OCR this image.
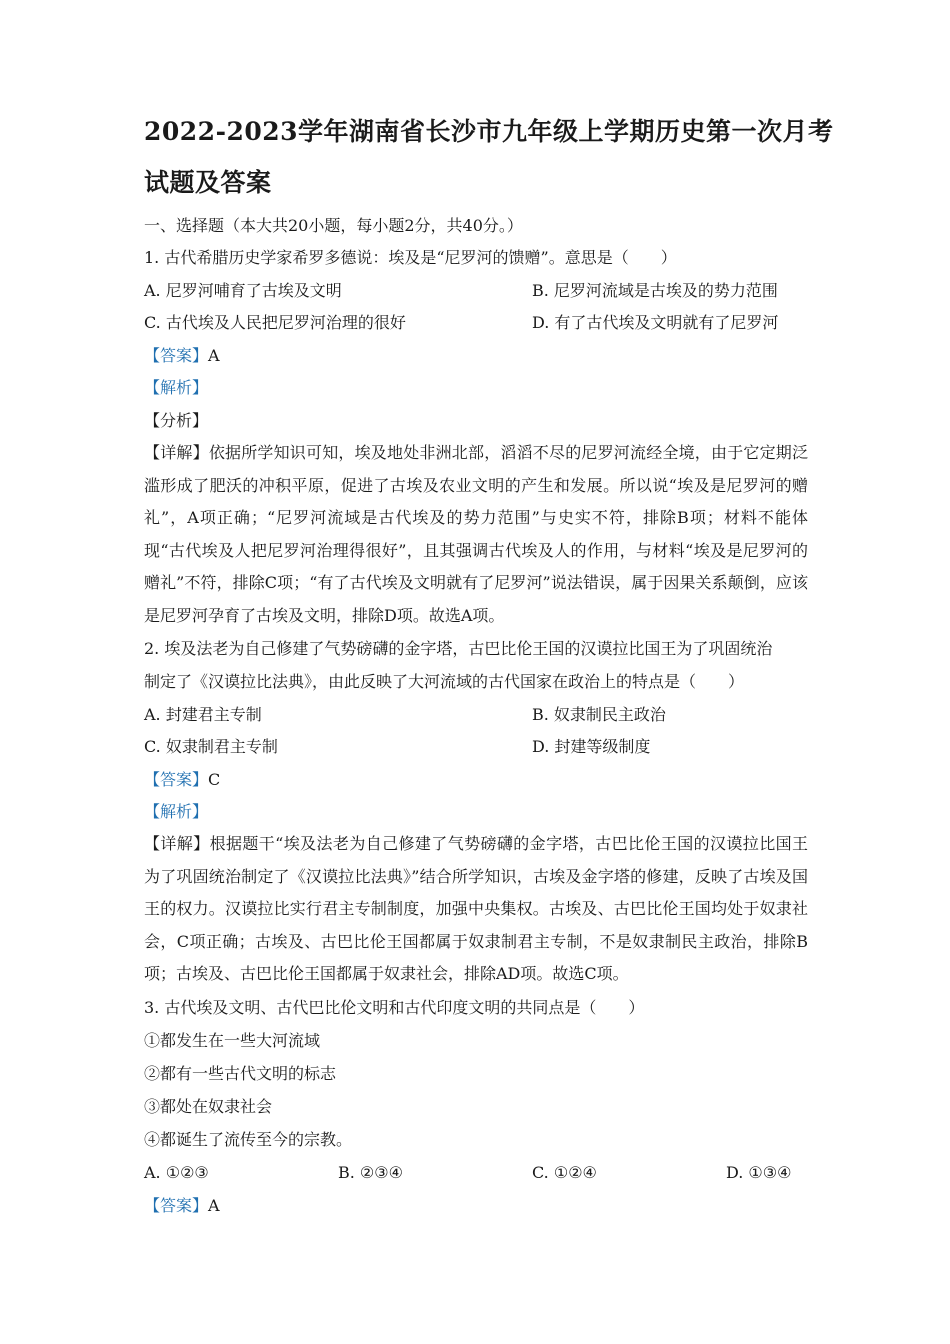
2022-2023学年湖南省长沙市九年级上学期历史第一次月考
试题及答案
一、选择题（本大共20小题，每小题2分，共40分。）
1. 古代希腊历史学家希罗多德说：埃及是“尼罗河的馈赠”。意思是（　　）
A. 尼罗河哺育了古埃及文明	B. 尼罗河流域是古埃及的势力范围
C. 古代埃及人民把尼罗河治理的很好	D. 有了古代埃及文明就有了尼罗河
【答案】A
【解析】
【分析】
【详解】依据所学知识可知，埃及地处非洲北部，滔滔不尽的尼罗河流经全境，由于它定期泛滥形成了肥沃的冲积平原，促进了古埃及农业文明的产生和发展。所以说“埃及是尼罗河的赠礼”，A项正确；“尼罗河流域是古代埃及的势力范围”与史实不符，排除B项；材料不能体现“古代埃及人把尼罗河治理得很好”，且其强调古代埃及人的作用，与材料“埃及是尼罗河的赠礼”不符，排除C项；“有了古代埃及文明就有了尼罗河”说法错误，属于因果关系颠倒，应该是尼罗河孕育了古埃及文明，排除D项。故选A项。
2. 埃及法老为自己修建了气势磅礴的金字塔，古巴比伦王国的汉谟拉比国王为了巩固统治
制定了《汉谟拉比法典》，由此反映了大河流域的古代国家在政治上的特点是（　　）
A. 封建君主专制	B. 奴隶制民主政治
C. 奴隶制君主专制	D. 封建等级制度
【答案】C
【解析】
【详解】根据题干“埃及法老为自己修建了气势磅礴的金字塔，古巴比伦王国的汉谟拉比国王为了巩固统治制定了《汉谟拉比法典》”结合所学知识，古埃及金字塔的修建，反映了古埃及国王的权力。汉谟拉比实行君主专制制度，加强中央集权。古埃及、古巴比伦王国均处于奴隶社会，C项正确；古埃及、古巴比伦王国都属于奴隶制君主专制，不是奴隶制民主政治，排除B项；古埃及、古巴比伦王国都属于奴隶社会，排除AD项。故选C项。
3. 古代埃及文明、古代巴比伦文明和古代印度文明的共同点是（　　）
①都发生在一些大河流域
②都有一些古代文明的标志
③都处在奴隶社会
④都诞生了流传至今的宗教。
A. ①②③	B. ②③④	C. ①②④	D. ①③④
【答案】A
